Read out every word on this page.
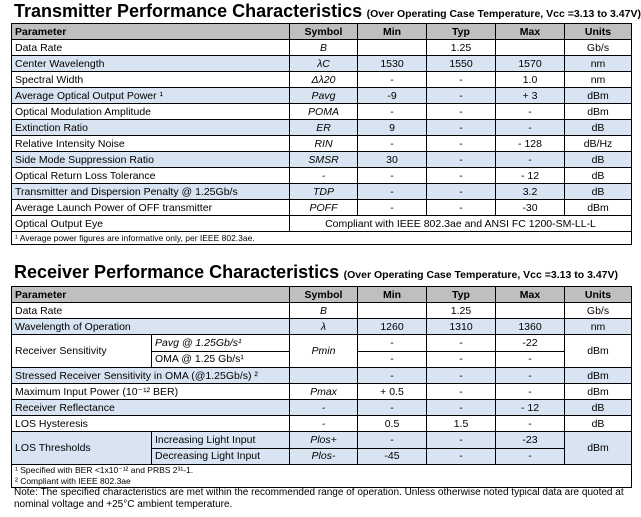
Transmitter Performance Characteristics (Over Operating Case Temperature, Vcc =3.13 to 3.47V)
Parameter	Symbol	Min	Typ	Max	Units
Data Rate	B		1.25		Gb/s
Center Wavelength	λC	1530	1550	1570	nm
Spectral Width	Δλ20	-	-	1.0	nm
Average Optical Output Power ¹	Pavg	-9	-	+ 3	dBm
Optical Modulation Amplitude	POMA	-	-	-	dBm
Extinction Ratio	ER	9	-	-	dB
Relative Intensity Noise	RIN	-	-	- 128	dB/Hz
Side Mode Suppression Ratio	SMSR	30	-	-	dB
Optical Return Loss Tolerance	-	-	-	- 12	dB
Transmitter and Dispersion Penalty @ 1.25Gb/s	TDP	-	-	3.2	dB
Average Launch Power of OFF transmitter	POFF	-	-	-30	dBm
Optical Output Eye	Compliant with IEEE 802.3ae and ANSI FC 1200-SM-LL-L				
¹ Average power figures are informative only, per IEEE 802.3ae.					
Receiver Performance Characteristics (Over Operating Case Temperature, Vcc =3.13 to 3.47V)
Parameter		Symbol	Min	Typ	Max	Units
Data Rate		B		1.25		Gb/s
Wavelength of Operation		λ	1260	1310	1360	nm
Receiver Sensitivity	Pavg @ 1.25Gb/s¹	Pmin	-	-	-22	dBm
	OMA @ 1.25 Gb/s¹		-	-	-	
Stressed Receiver Sensitivity in OMA (@1.25Gb/s) ²			-	-	-	dBm
Maximum Input Power (10⁻¹² BER)		Pmax	+ 0.5	-	-	dBm
Receiver Reflectance		-	-	-	- 12	dB
LOS Hysteresis		-	0.5	1.5	-	dB
LOS Thresholds	Increasing Light Input	Plos+	-	-	-23	dBm
	Decreasing Light Input	Plos-	-45	-	-	

¹ Specified with BER <1x10⁻¹² and PRBS 2³¹-1.
² Compliant with IEEE 802.3ae						
Note: The specified characteristics are met within the recommended range of operation. Unless otherwise noted typical data are quoted at nominal voltage and +25°C ambient temperature.
